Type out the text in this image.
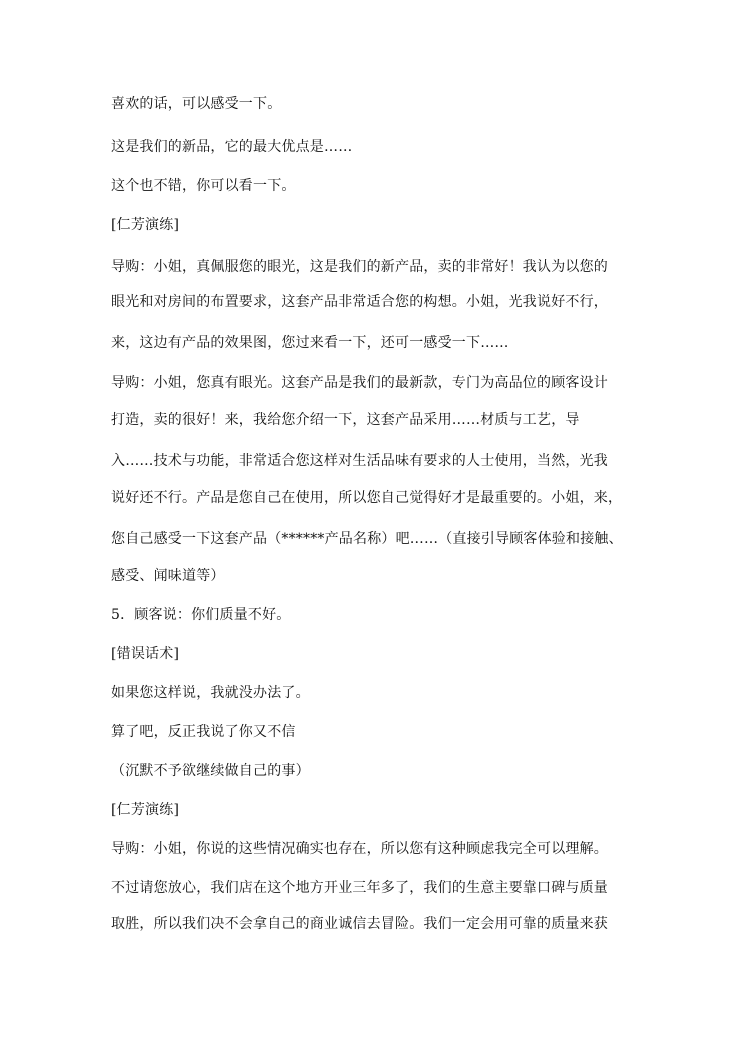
喜欢的话，可以感受一下。
这是我们的新品，它的最大优点是……
这个也不错，你可以看一下。
[仁芳演练]
导购：小姐，真佩服您的眼光，这是我们的新产品，卖的非常好！我认为以您的
眼光和对房间的布置要求，这套产品非常适合您的构想。小姐，光我说好不行，
来，这边有产品的效果图，您过来看一下，还可一感受一下……
导购：小姐，您真有眼光。这套产品是我们的最新款，专门为高品位的顾客设计
打造，卖的很好！来，我给您介绍一下，这套产品采用……材质与工艺，导
入……技术与功能，非常适合您这样对生活品味有要求的人士使用，当然，光我
说好还不行。产品是您自己在使用，所以您自己觉得好才是最重要的。小姐，来，
您自己感受一下这套产品（******产品名称）吧……（直接引导顾客体验和接触、
感受、闻味道等）
5．顾客说：你们质量不好。
[错误话术]
如果您这样说，我就没办法了。
算了吧，反正我说了你又不信
（沉默不予欲继续做自己的事）
[仁芳演练]
导购：小姐，你说的这些情况确实也存在，所以您有这种顾虑我完全可以理解。
不过请您放心，我们店在这个地方开业三年多了，我们的生意主要靠口碑与质量
取胜，所以我们决不会拿自己的商业诚信去冒险。我们一定会用可靠的质量来获
